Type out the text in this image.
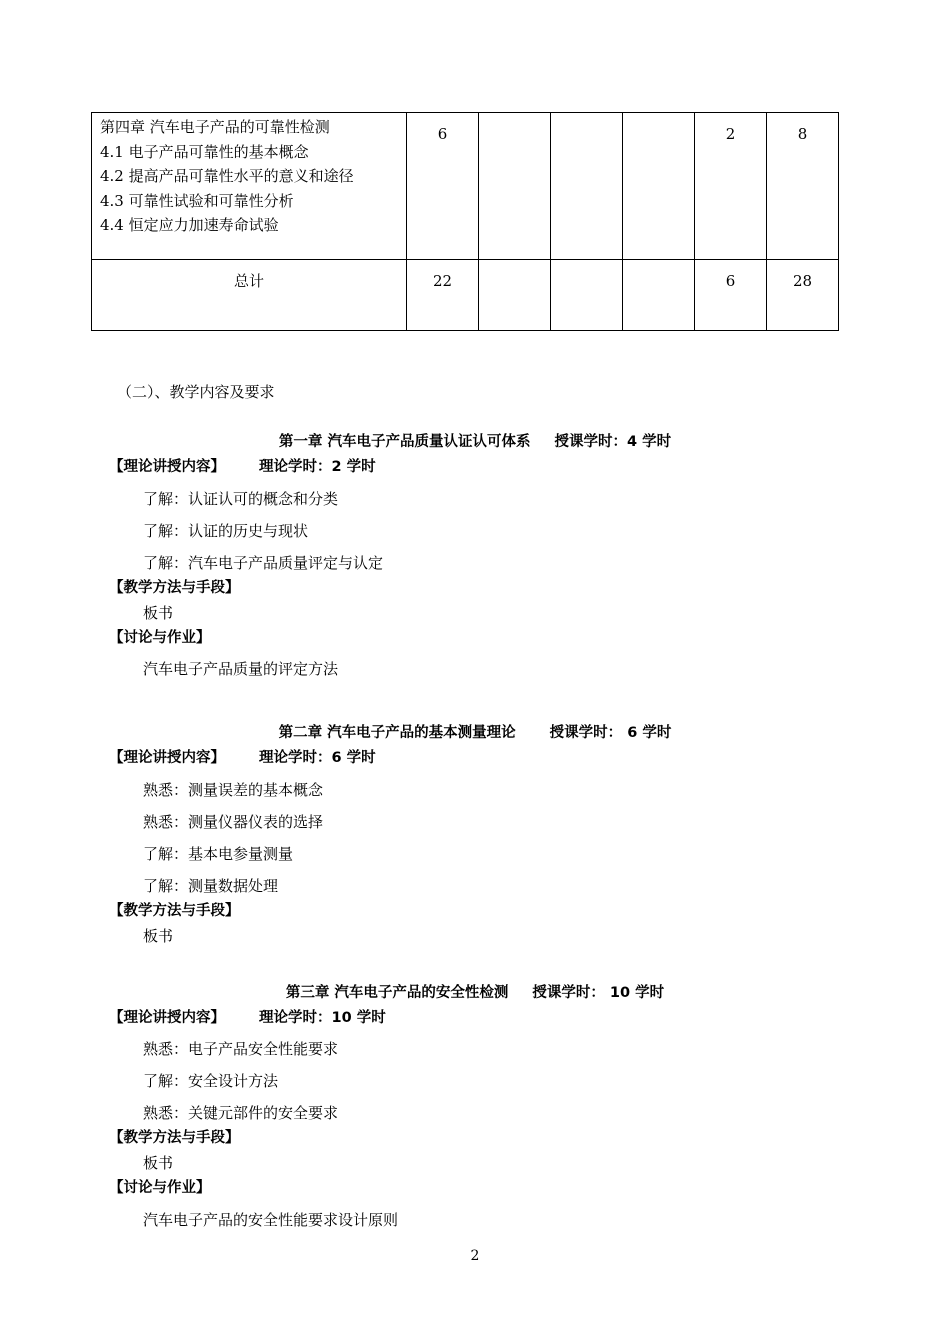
第四章 汽车电子产品的可靠性检测
4.1 电子产品可靠性的基本概念
4.2 提高产品可靠性水平的意义和途径
4.3 可靠性试验和可靠性分析
4.4 恒定应力加速寿命试验	6				2	8
总计	22				6	28
（二）、教学内容及要求
第一章 汽车电子产品质量认证认可体系 授课学时：4 学时
【理论讲授内容】 理论学时：2 学时
了解：认证认可的概念和分类
了解：认证的历史与现状
了解：汽车电子产品质量评定与认定
【教学方法与手段】
板书
【讨论与作业】
汽车电子产品质量的评定方法
第二章 汽车电子产品的基本测量理论 授课学时： 6 学时
【理论讲授内容】 理论学时：6 学时
熟悉：测量误差的基本概念
熟悉：测量仪器仪表的选择
了解：基本电参量测量
了解：测量数据处理
【教学方法与手段】
板书
第三章 汽车电子产品的安全性检测 授课学时： 10 学时
【理论讲授内容】 理论学时：10 学时
熟悉：电子产品安全性能要求
了解：安全设计方法
熟悉：关键元部件的安全要求
【教学方法与手段】
板书
【讨论与作业】
汽车电子产品的安全性能要求设计原则
2
